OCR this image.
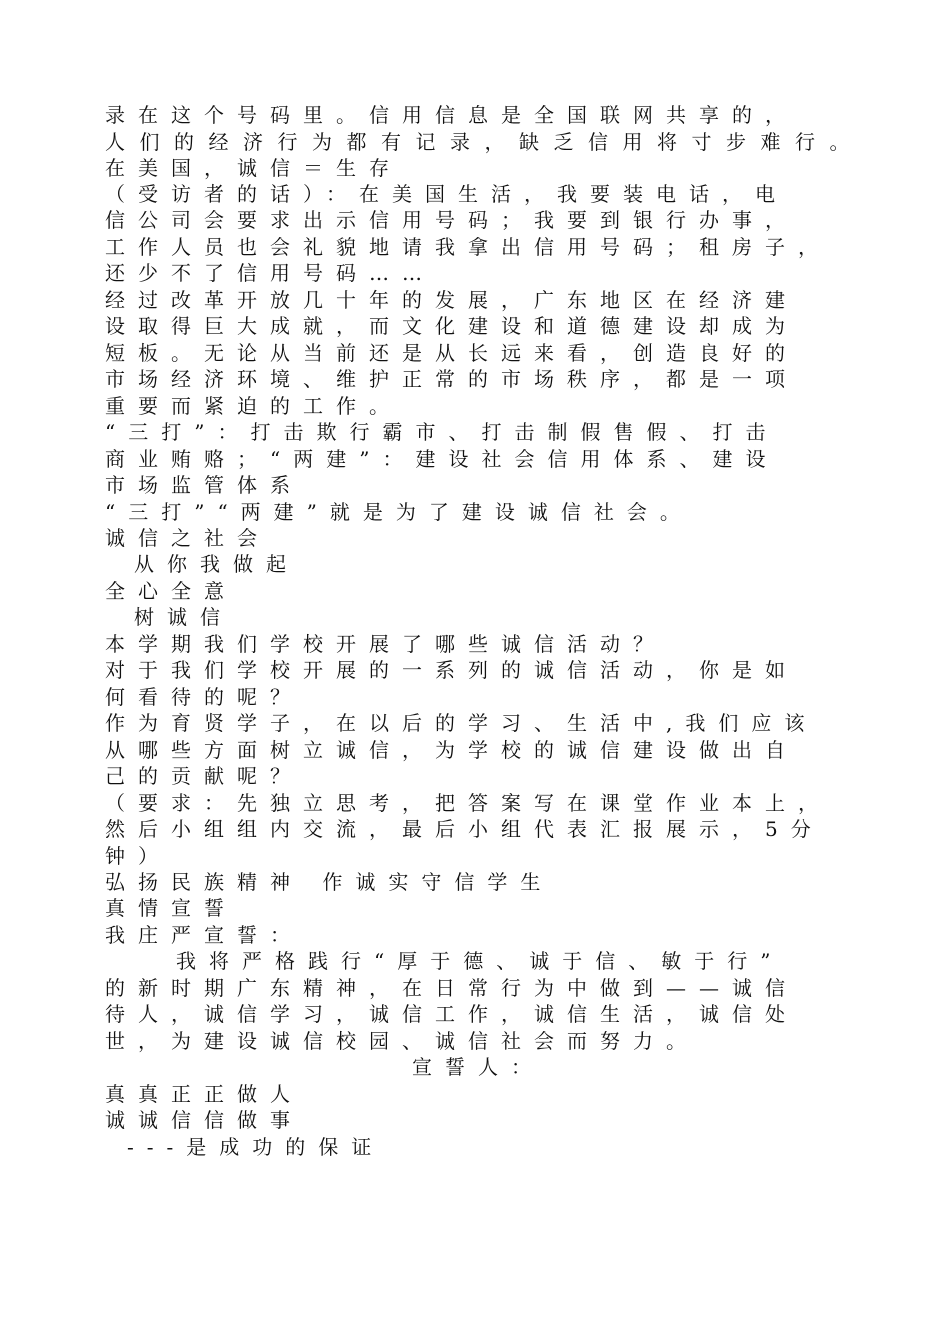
录在这个号码里。信用信息是全国联网共享的，
人们的经济行为都有记录，缺乏信用将寸步难行。
在美国，诚信＝生存
（受访者的话）：在美国生活，我要装电话，电
信公司会要求出示信用号码；我要到银行办事，
工作人员也会礼貌地请我拿出信用号码；租房子，
还少不了信用号码……
经过改革开放几十年的发展，广东地区在经济建
设取得巨大成就，而文化建设和道德建设却成为
短板。无论从当前还是从长远来看，创造良好的
市场经济环境、维护正常的市场秩序，都是一项
重要而紧迫的工作。
“三打”：打击欺行霸市、打击制假售假、打击
商业贿赂；“两建”：建设社会信用体系、建设
市场监管体系
“三打”“两建”就是为了建设诚信社会。
诚信之社会
从你我做起
全心全意
树诚信
本学期我们学校开展了哪些诚信活动？
对于我们学校开展的一系列的诚信活动，你是如
何看待的呢？
作为育贤学子，在以后的学习、生活中,我们应该
从哪些方面树立诚信，为学校的诚信建设做出自
己的贡献呢？
（要求：先独立思考，把答案写在课堂作业本上，
然后小组组内交流，最后小组代表汇报展示，5分
钟）
弘扬民族精神 作诚实守信学生
真情宣誓
我庄严宣誓：
我将严格践行“厚于德、诚于信、敏于行”
的新时期广东精神，在日常行为中做到——诚信
待人，诚信学习，诚信工作，诚信生活，诚信处
世，为建设诚信校园、诚信社会而努力。
宣誓人：
真真正正做人
诚诚信信做事
---是成功的保证
